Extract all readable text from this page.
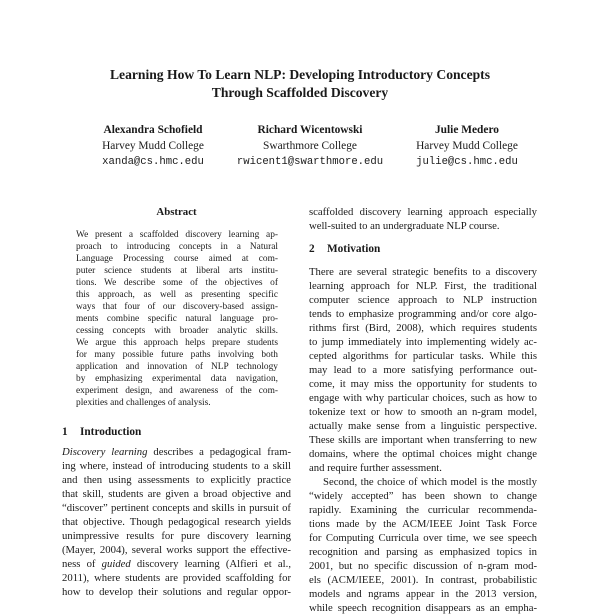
Learning How To Learn NLP: Developing Introductory Concepts
Through Scaffolded Discovery
Alexandra Schofield
Harvey Mudd College
xanda@cs.hmc.edu
Richard Wicentowski
Swarthmore College
rwicent1@swarthmore.edu
Julie Medero
Harvey Mudd College
julie@cs.hmc.edu
Abstract
We present a scaffolded discovery learning ap-
proach to introducing concepts in a Natural
Language Processing course aimed at com-
puter science students at liberal arts institu-
tions. We describe some of the objectives of
this approach, as well as presenting specific
ways that four of our discovery-based assign-
ments combine specific natural language pro-
cessing concepts with broader analytic skills.
We argue this approach helps prepare students
for many possible future paths involving both
application and innovation of NLP technology
by emphasizing experimental data navigation,
experiment design, and awareness of the com-
plexities and challenges of analysis.
1 Introduction
Discovery learning describes a pedagogical fram-
ing where, instead of introducing students to a skill
and then using assessments to explicitly practice
that skill, students are given a broad objective and
“discover” pertinent concepts and skills in pursuit of
that objective. Though pedagogical research yields
unimpressive results for pure discovery learning
(Mayer, 2004), several works support the effective-
ness of guided discovery learning (Alfieri et al.,
2011), where students are provided scaffolding for
how to develop their solutions and regular oppor-
scaffolded discovery learning approach especially
well-suited to an undergraduate NLP course.
2 Motivation
There are several strategic benefits to a discovery
learning approach for NLP. First, the traditional
computer science approach to NLP instruction
tends to emphasize programming and/or core algo-
rithms first (Bird, 2008), which requires students
to jump immediately into implementing widely ac-
cepted algorithms for particular tasks. While this
may lead to a more satisfying performance out-
come, it may miss the opportunity for students to
engage with why particular choices, such as how to
tokenize text or how to smooth an n-gram model,
actually make sense from a linguistic perspective.
These skills are important when transferring to new
domains, where the optimal choices might change
and require further assessment.
Second, the choice of which model is the mostly
“widely accepted” has been shown to change
rapidly. Examining the curricular recommenda-
tions made by the ACM/IEEE Joint Task Force
for Computing Curricula over time, we see speech
recognition and parsing as emphasized topics in
2001, but no specific discussion of n-gram mod-
els (ACM/IEEE, 2001). In contrast, probabilistic
models and ngrams appear in the 2013 version,
while speech recognition disappears as an empha-
